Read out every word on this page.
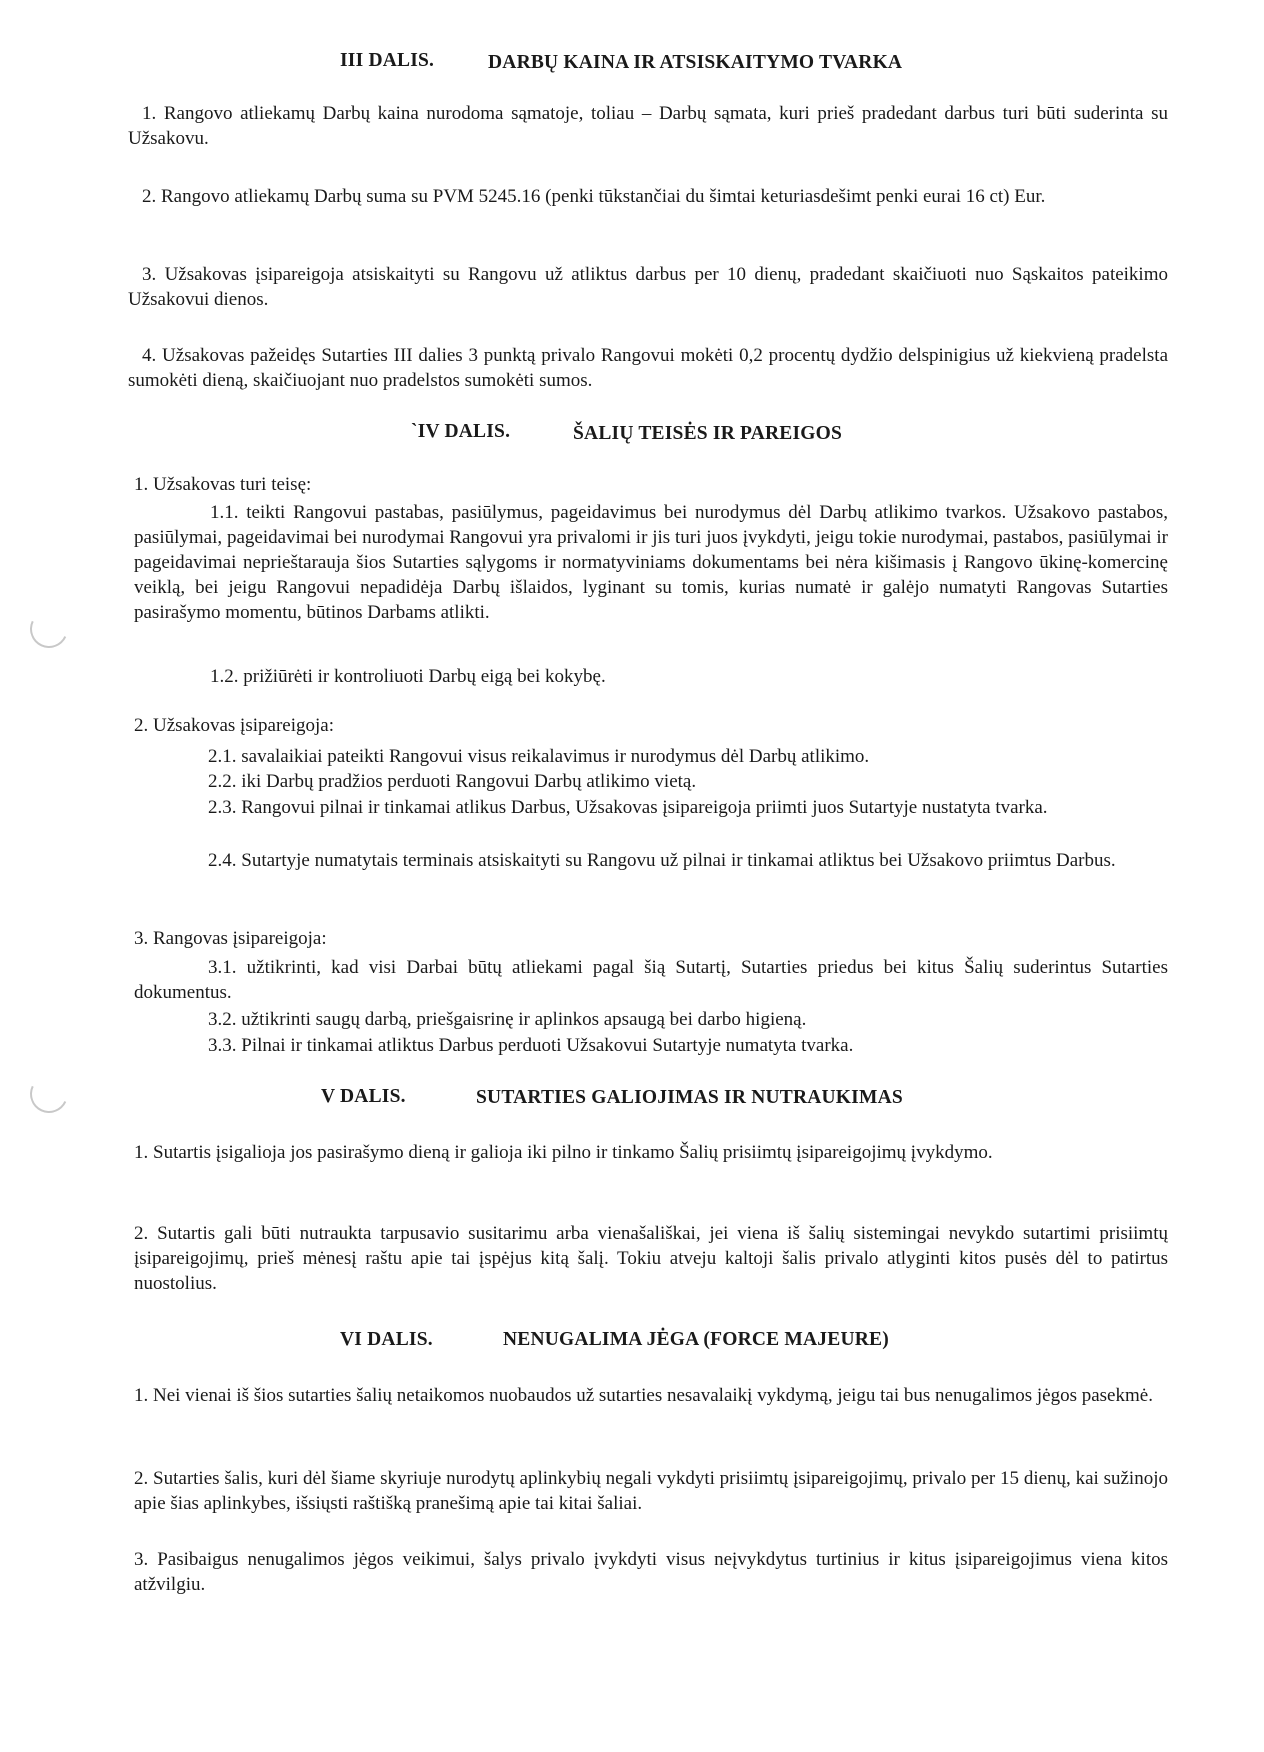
III DALIS.	DARBŲ KAINA IR ATSISKAITYMO TVARKA
1. Rangovo atliekamų Darbų kaina nurodoma sąmatoje, toliau – Darbų sąmata, kuri prieš pradedant darbus turi būti suderinta su Užsakovu.
2. Rangovo atliekamų Darbų suma su PVM 5245.16 (penki tūkstančiai du šimtai keturiasdešimt penki eurai 16 ct) Eur.
3. Užsakovas įsipareigoja atsiskaityti su Rangovu už atliktus darbus per 10 dienų, pradedant skaičiuoti nuo Sąskaitos pateikimo Užsakovui dienos.
4. Užsakovas pažeidęs Sutarties III dalies 3 punktą privalo Rangovui mokėti 0,2 procentų dydžio delspinigius už kiekvieną pradelsta sumokėti dieną, skaičiuojant nuo pradelstos sumokėti sumos.
`IV DALIS.	ŠALIŲ TEISĖS IR PAREIGOS
1. Užsakovas turi teisę:
1.1. teikti Rangovui pastabas, pasiūlymus, pageidavimus bei nurodymus dėl Darbų atlikimo tvarkos. Užsakovo pastabos, pasiūlymai, pageidavimai bei nurodymai Rangovui yra privalomi ir jis turi juos įvykdyti, jeigu tokie nurodymai, pastabos, pasiūlymai ir pageidavimai neprieštarauja šios Sutarties sąlygoms ir normatyviniams dokumentams bei nėra kišimasis į Rangovo ūkinę-komercinę veiklą, bei jeigu Rangovui nepadidėja Darbų išlaidos, lyginant su tomis, kurias numatė ir galėjo numatyti Rangovas Sutarties pasirašymo momentu, būtinos Darbams atlikti.
1.2. prižiūrėti ir kontroliuoti Darbų eigą bei kokybę.
2. Užsakovas įsipareigoja:
2.1. savalaikiai pateikti Rangovui visus reikalavimus ir nurodymus dėl Darbų atlikimo.
2.2. iki Darbų pradžios perduoti Rangovui Darbų atlikimo vietą.
2.3. Rangovui pilnai ir tinkamai atlikus Darbus, Užsakovas įsipareigoja priimti juos Sutartyje nustatyta tvarka.
2.4. Sutartyje numatytais terminais atsiskaityti su Rangovu už pilnai ir tinkamai atliktus bei Užsakovo priimtus Darbus.
3. Rangovas įsipareigoja:
3.1. užtikrinti, kad visi Darbai būtų atliekami pagal šią Sutartį, Sutarties priedus bei kitus Šalių suderintus Sutarties dokumentus.
3.2. užtikrinti saugų darbą, priešgaisrinę ir aplinkos apsaugą bei darbo higieną.
3.3. Pilnai ir tinkamai atliktus Darbus perduoti Užsakovui Sutartyje numatyta tvarka.
V DALIS.	SUTARTIES GALIOJIMAS IR NUTRAUKIMAS
1. Sutartis įsigalioja jos pasirašymo dieną ir galioja iki pilno ir tinkamo Šalių prisiimtų įsipareigojimų įvykdymo.
2. Sutartis gali būti nutraukta tarpusavio susitarimu arba vienašališkai, jei viena iš šalių sistemingai nevykdo sutartimi prisiimtų įsipareigojimų, prieš mėnesį raštu apie tai įspėjus kitą šalį. Tokiu atveju kaltoji šalis privalo atlyginti kitos pusės dėl to patirtus nuostolius.
VI DALIS.	NENUGALIMA JĖGA (FORCE MAJEURE)
1. Nei vienai iš šios sutarties šalių netaikomos nuobaudos už sutarties nesavalaikį vykdymą, jeigu tai bus nenugalimos jėgos pasekmė.
2. Sutarties šalis, kuri dėl šiame skyriuje nurodytų aplinkybių negali vykdyti prisiimtų įsipareigojimų, privalo per 15 dienų, kai sužinojo apie šias aplinkybes, išsiųsti raštišką pranešimą apie tai kitai šaliai.
3. Pasibaigus nenugalimos jėgos veikimui, šalys privalo įvykdyti visus neįvykdytus turtinius ir kitus įsipareigojimus viena kitos atžvilgiu.
